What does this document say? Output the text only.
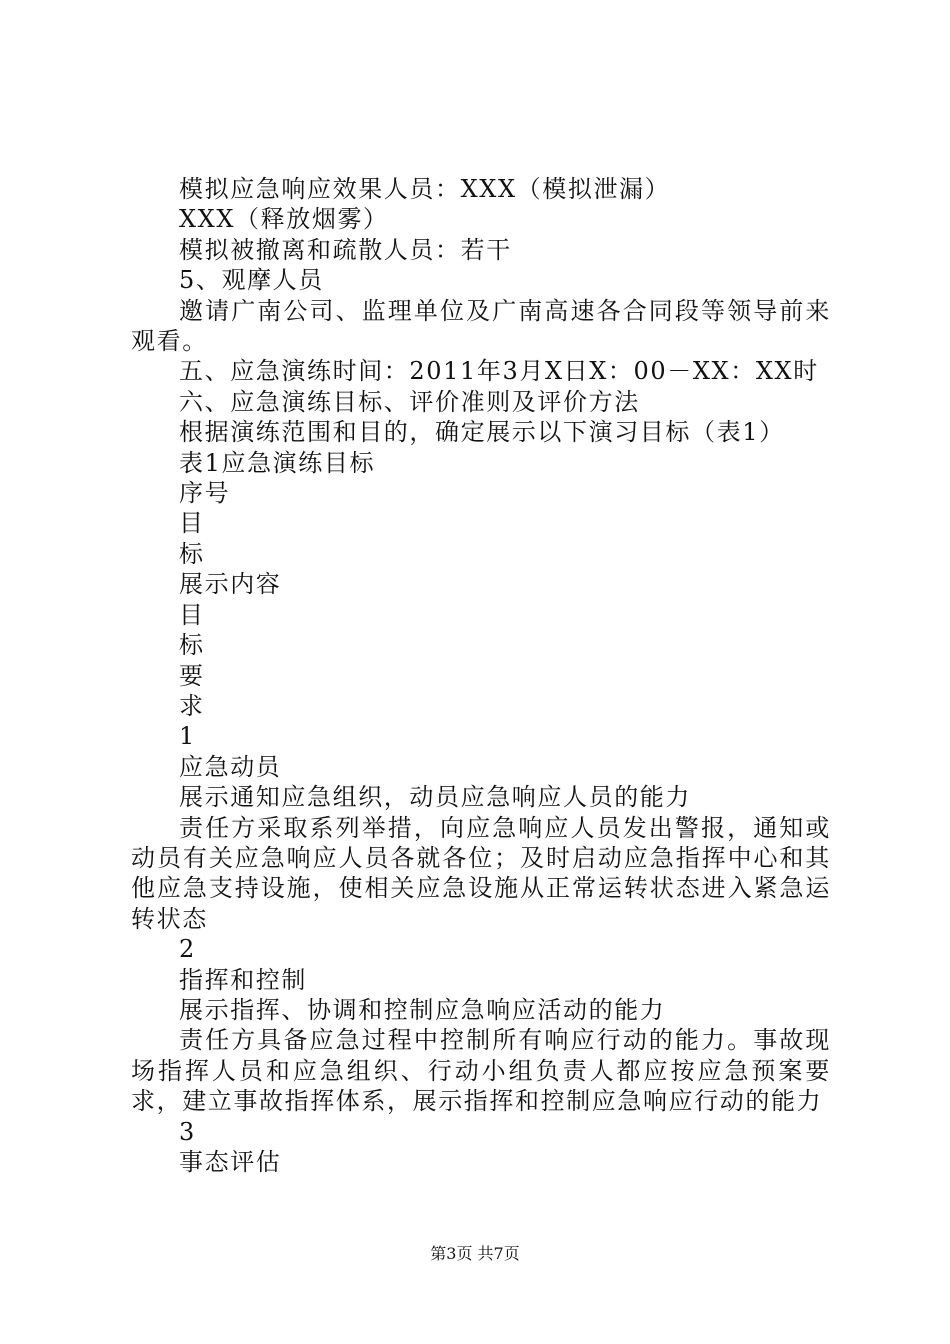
模拟应急响应效果人员：XXX（模拟泄漏）

XXX（释放烟雾）

模拟被撤离和疏散人员：若干

5、观摩人员

邀请广南公司、监理单位及广南高速各合同段等领导前来观看。

五、应急演练时间：2011年3月X日X：00－XX：XX时

六、应急演练目标、评价准则及评价方法

根据演练范围和目的，确定展示以下演习目标（表1）

表1应急演练目标

序号

目

标

展示内容

目

标

要

求

1

应急动员

展示通知应急组织，动员应急响应人员的能力

责任方采取系列举措，向应急响应人员发出警报，通知或动员有关应急响应人员各就各位；及时启动应急指挥中心和其他应急支持设施，使相关应急设施从正常运转状态进入紧急运转状态

2

指挥和控制

展示指挥、协调和控制应急响应活动的能力

责任方具备应急过程中控制所有响应行动的能力。事故现场指挥人员和应急组织、行动小组负责人都应按应急预案要求，建立事故指挥体系，展示指挥和控制应急响应行动的能力

3

事态评估

第3页 共7页
